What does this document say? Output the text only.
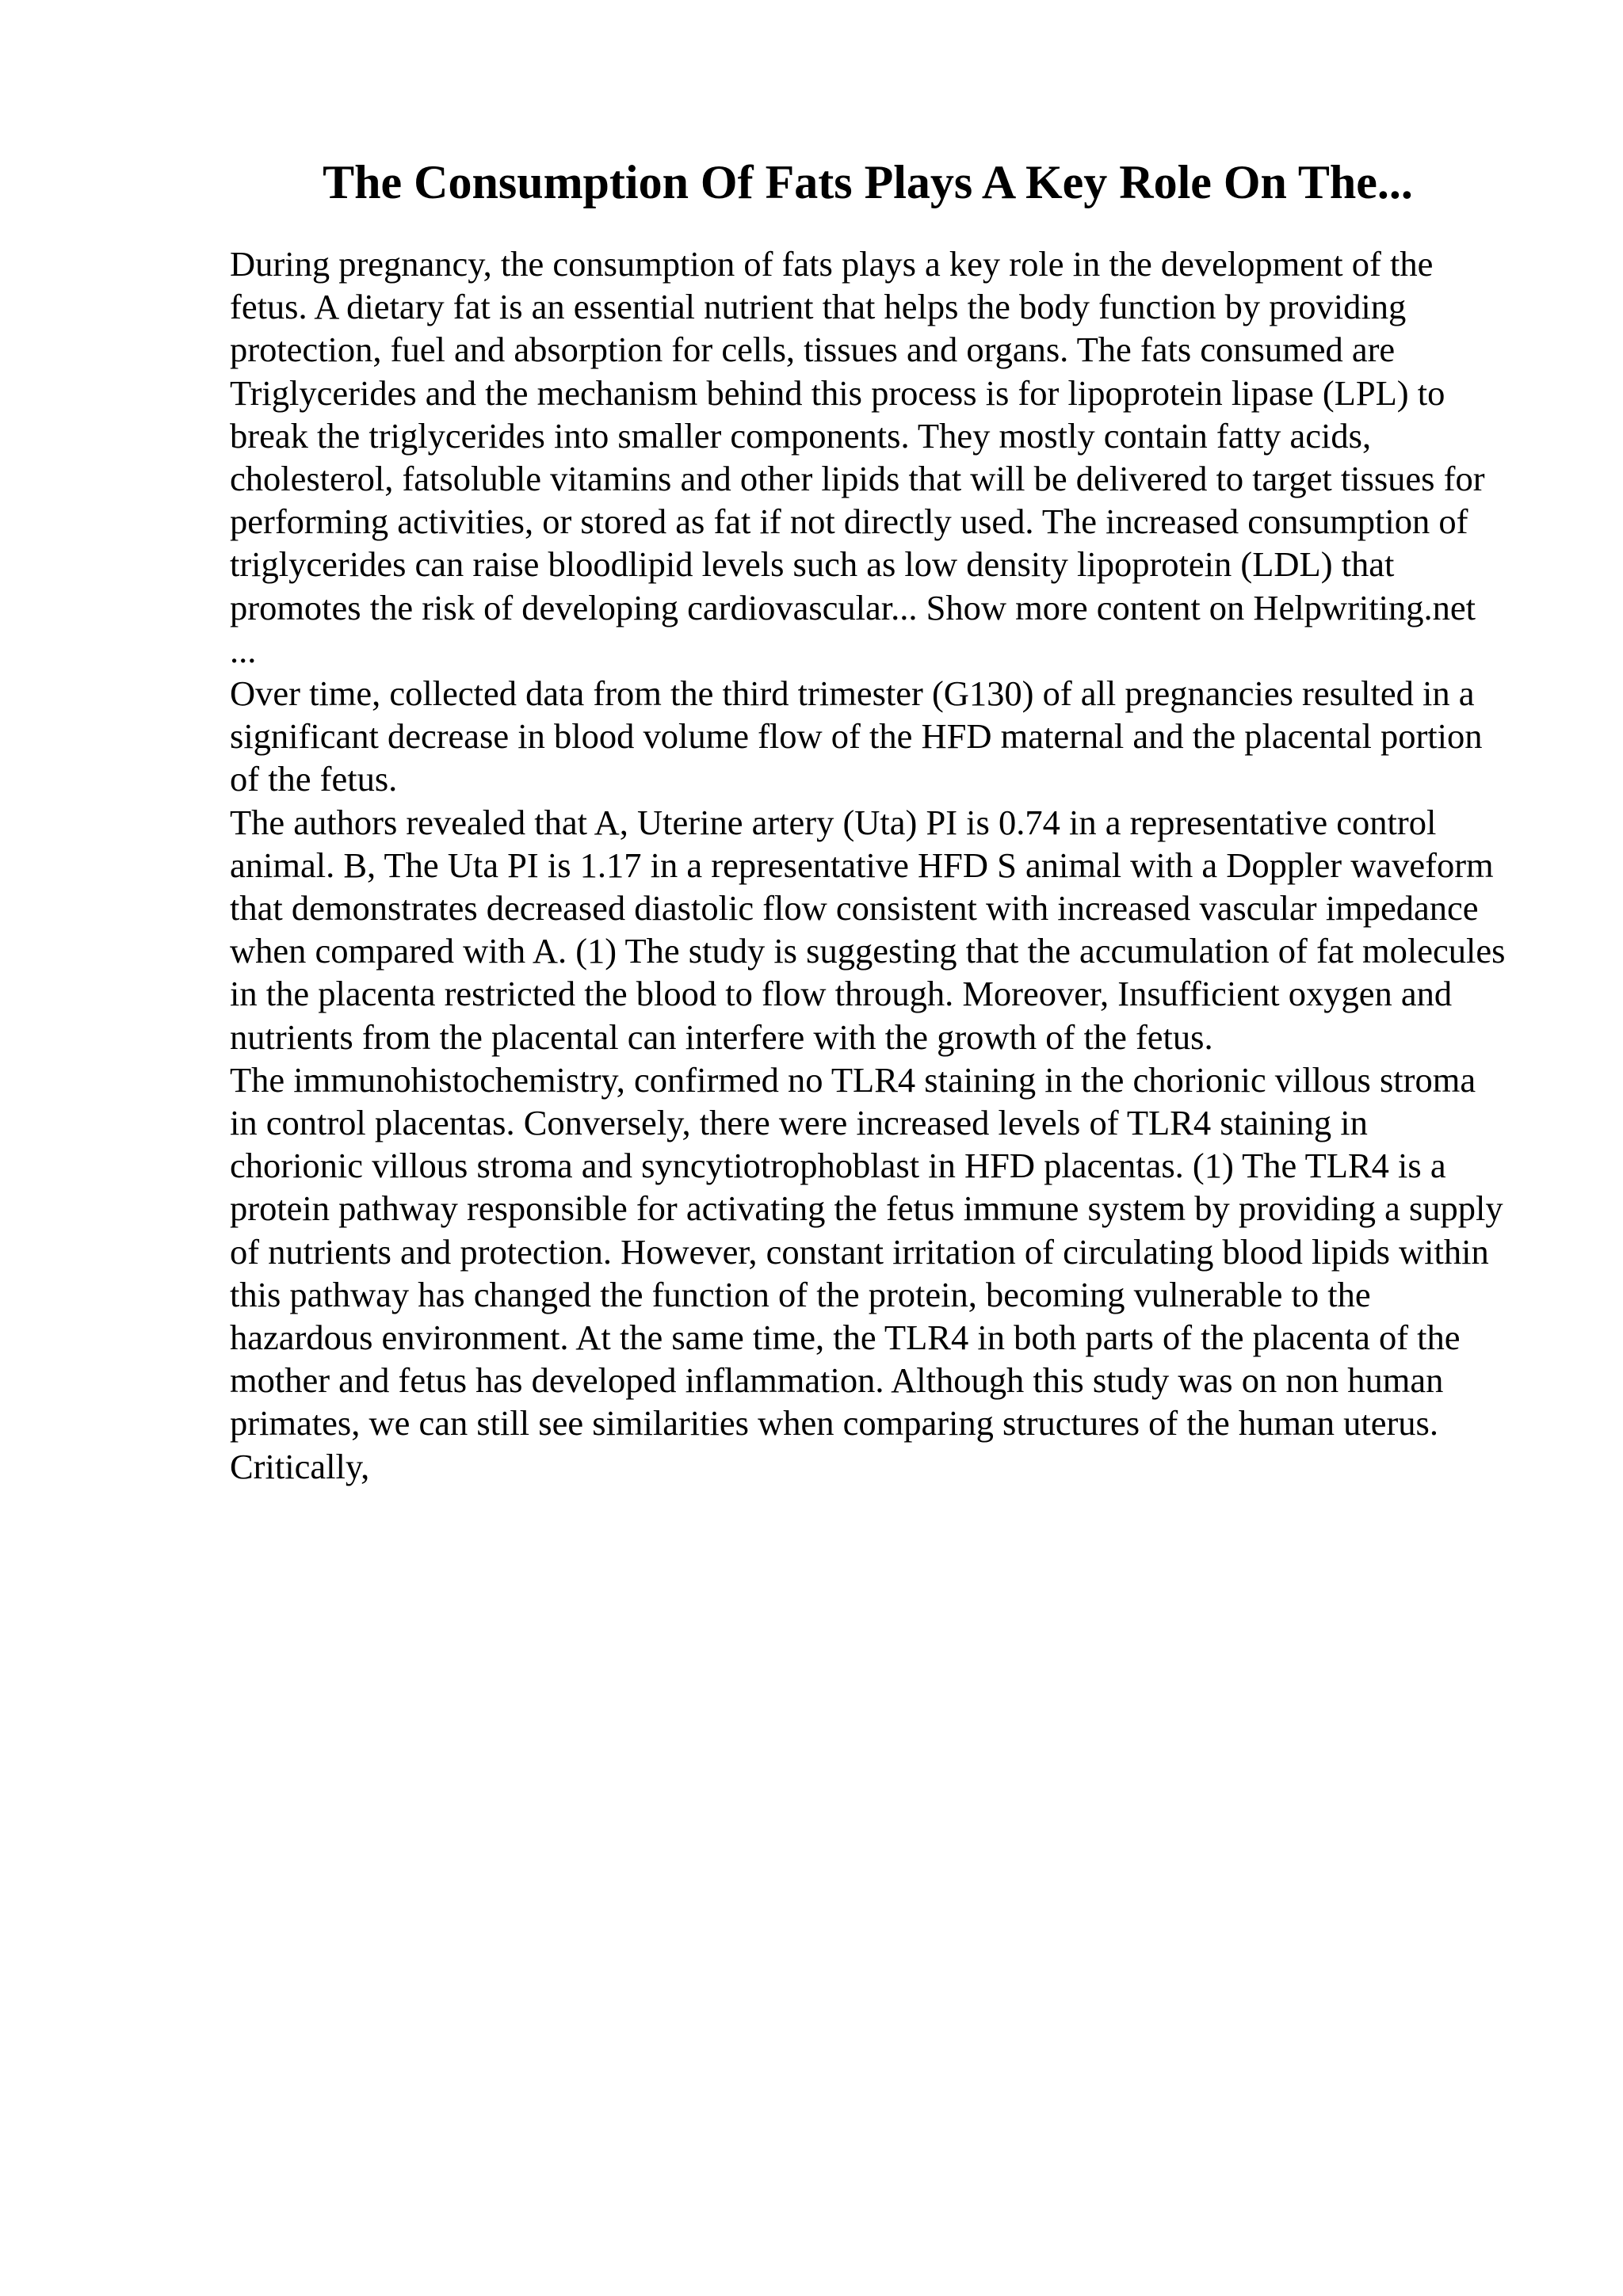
The Consumption Of Fats Plays A Key Role On The...

During pregnancy, the consumption of fats plays a key role in the development of the fetus. A dietary fat is an essential nutrient that helps the body function by providing protection, fuel and absorption for cells, tissues and organs. The fats consumed are Triglycerides and the mechanism behind this process is for lipoprotein lipase (LPL) to break the triglycerides into smaller components. They mostly contain fatty acids, cholesterol, fatsoluble vitamins and other lipids that will be delivered to target tissues for performing activities, or stored as fat if not directly used. The increased consumption of triglycerides can raise bloodlipid levels such as low density lipoprotein (LDL) that promotes the risk of developing cardiovascular... Show more content on Helpwriting.net ...

Over time, collected data from the third trimester (G130) of all pregnancies resulted in a significant decrease in blood volume flow of the HFD maternal and the placental portion of the fetus.

The authors revealed that A, Uterine artery (Uta) PI is 0.74 in a representative control animal. B, The Uta PI is 1.17 in a representative HFD S animal with a Doppler waveform that demonstrates decreased diastolic flow consistent with increased vascular impedance when compared with A. (1) The study is suggesting that the accumulation of fat molecules in the placenta restricted the blood to flow through. Moreover, Insufficient oxygen and nutrients from the placental can interfere with the growth of the fetus.

The immunohistochemistry, confirmed no TLR4 staining in the chorionic villous stroma in control placentas. Conversely, there were increased levels of TLR4 staining in chorionic villous stroma and syncytiotrophoblast in HFD placentas. (1) The TLR4 is a protein pathway responsible for activating the fetus immune system by providing a supply of nutrients and protection. However, constant irritation of circulating blood lipids within this pathway has changed the function of the protein, becoming vulnerable to the hazardous environment. At the same time, the TLR4 in both parts of the placenta of the mother and fetus has developed inflammation. Although this study was on non human primates, we can still see similarities when comparing structures of the human uterus. Critically,
